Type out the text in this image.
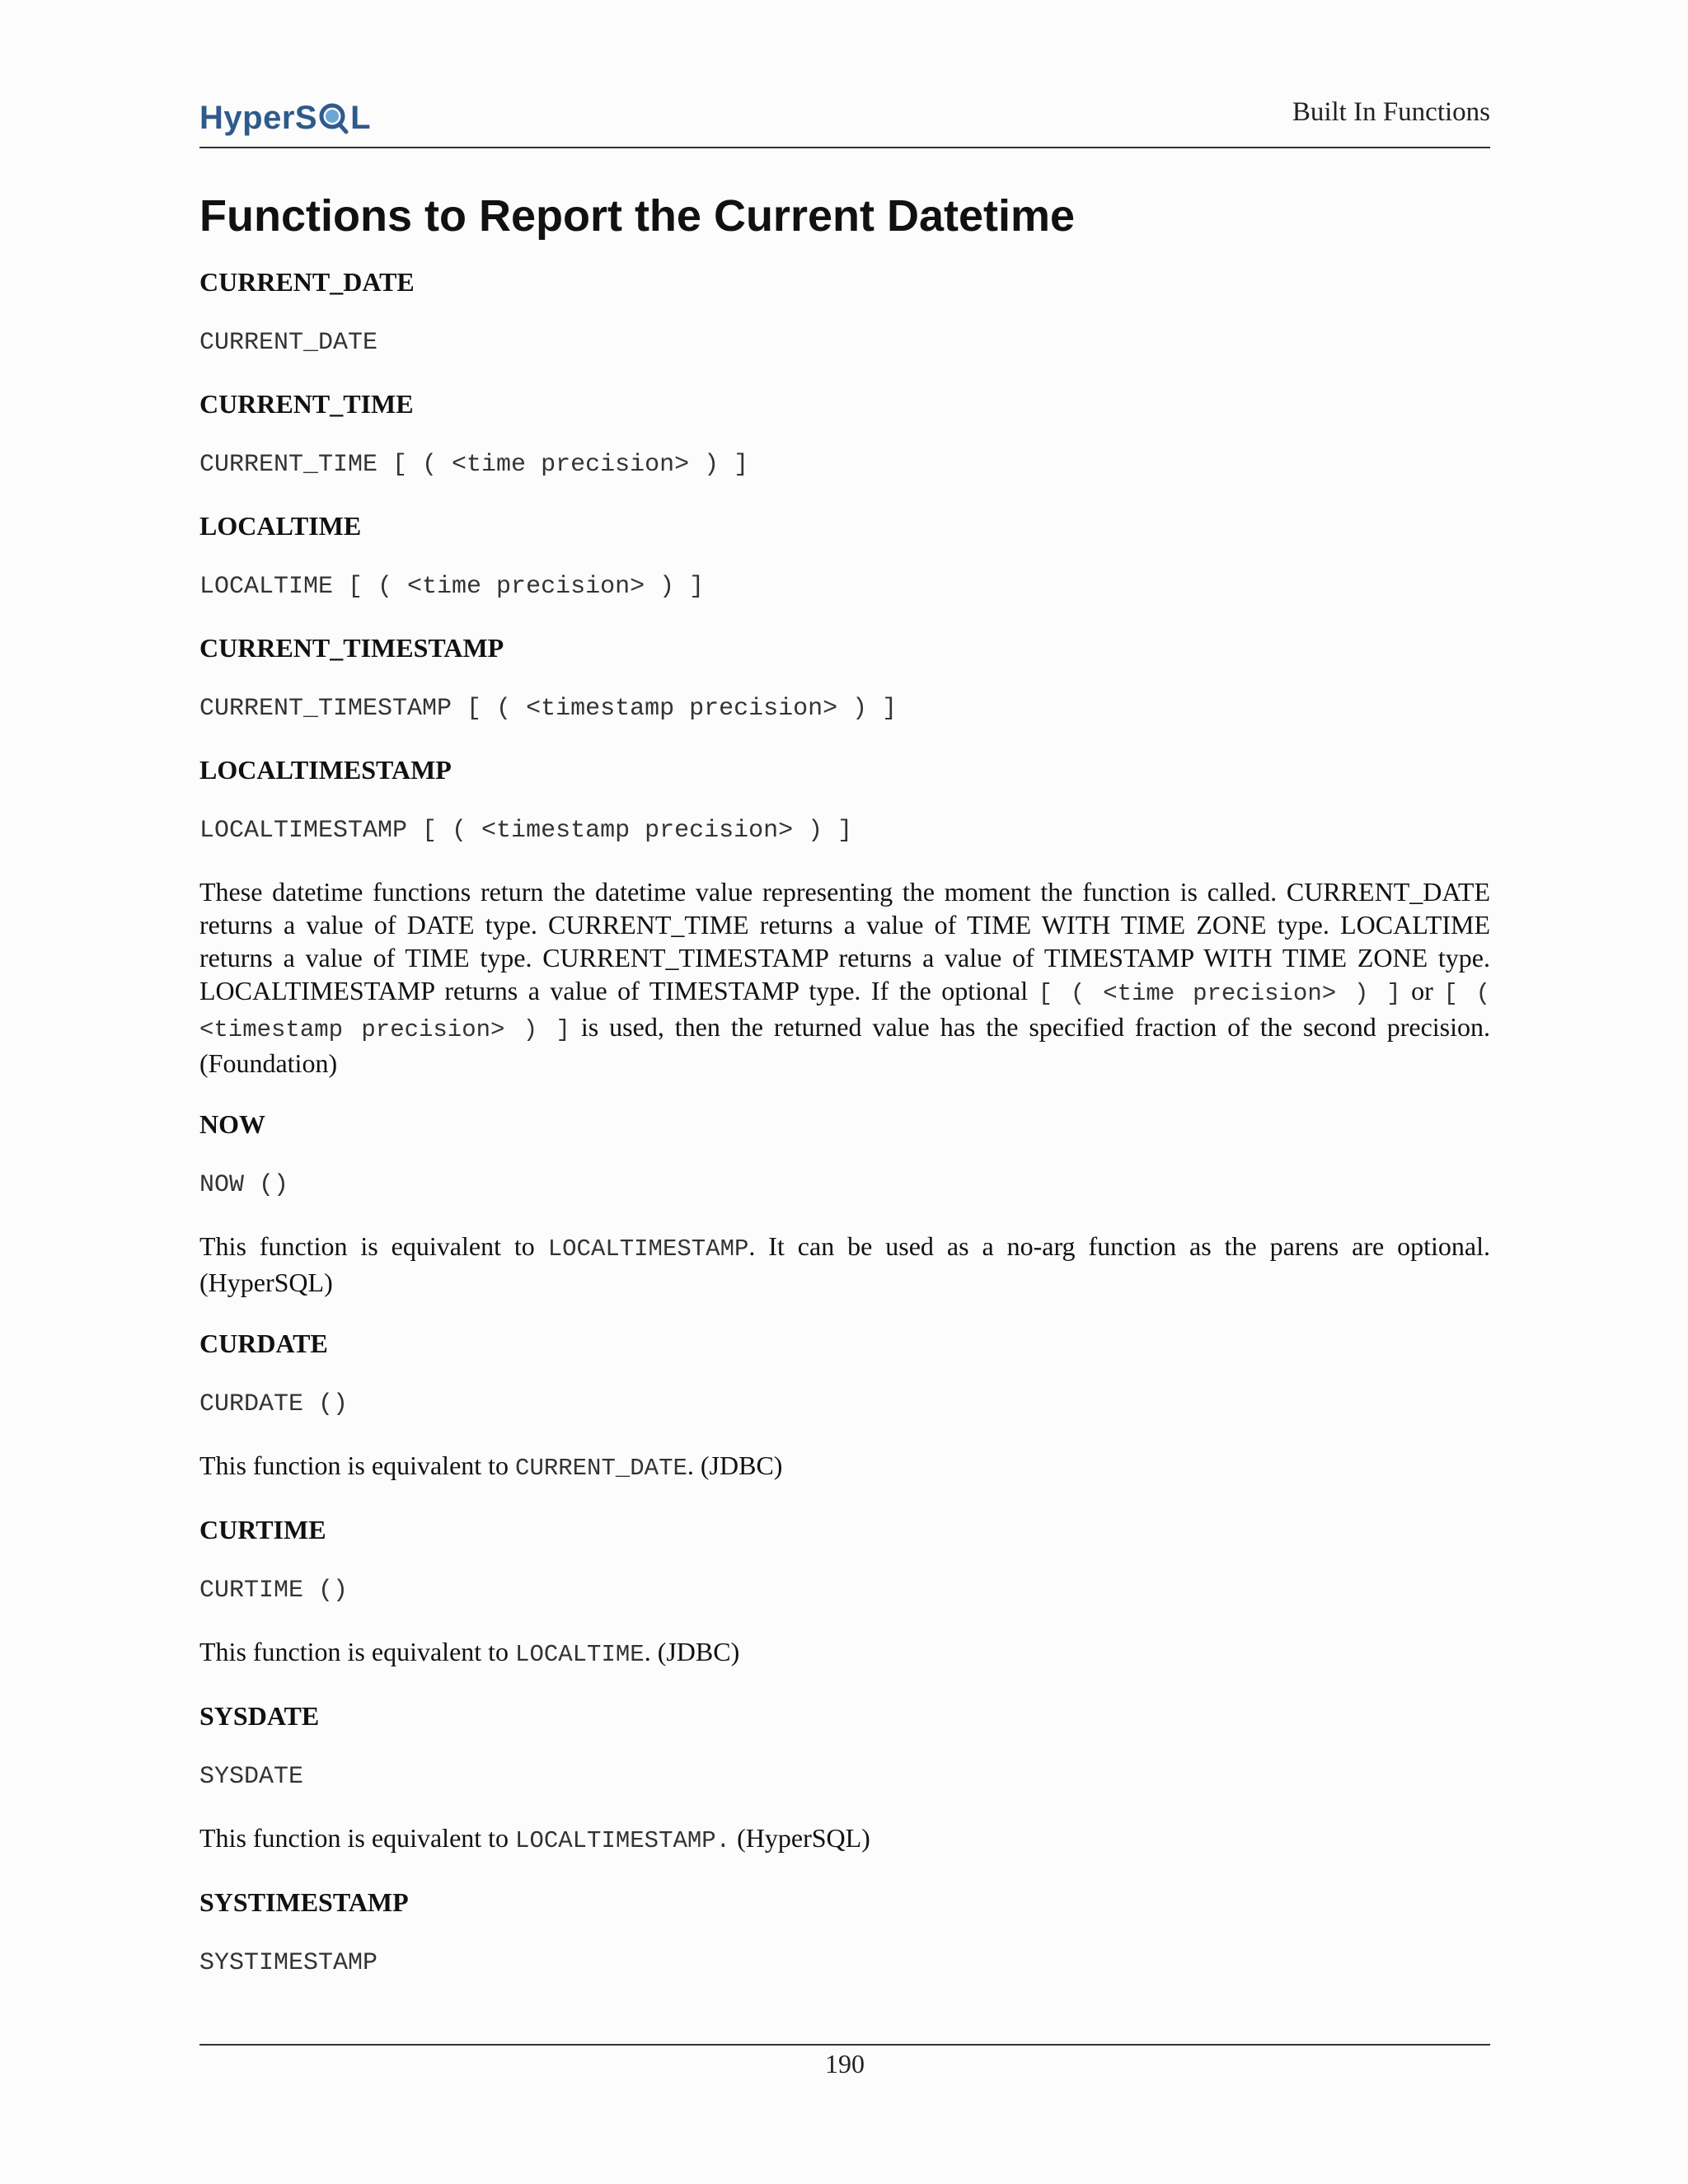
HyperS L	Built In Functions
Functions to Report the Current Datetime
CURRENT_DATE
CURRENT_DATE
CURRENT_TIME
CURRENT_TIME [ ( <time precision> ) ]
LOCALTIME
LOCALTIME [ ( <time precision> ) ]
CURRENT_TIMESTAMP
CURRENT_TIMESTAMP [ ( <timestamp precision> ) ]
LOCALTIMESTAMP
LOCALTIMESTAMP [ ( <timestamp precision> ) ]
These datetime functions return the datetime value representing the moment the function is called. CURRENT_DATE returns a value of DATE type. CURRENT_TIME returns a value of TIME WITH TIME ZONE type. LOCALTIME returns a value of TIME type. CURRENT_TIMESTAMP returns a value of TIMESTAMP WITH TIME ZONE type. LOCALTIMESTAMP returns a value of TIMESTAMP type. If the optional [ ( <time precision> ) ] or [ ( <timestamp precision> ) ] is used, then the returned value has the specified fraction of the second precision. (Foundation)
NOW
NOW ()
This function is equivalent to LOCALTIMESTAMP. It can be used as a no-arg function as the parens are optional. (HyperSQL)
CURDATE
CURDATE ()
This function is equivalent to CURRENT_DATE. (JDBC)
CURTIME
CURTIME ()
This function is equivalent to LOCALTIME. (JDBC)
SYSDATE
SYSDATE
This function is equivalent to LOCALTIMESTAMP. (HyperSQL)
SYSTIMESTAMP
SYSTIMESTAMP
190
